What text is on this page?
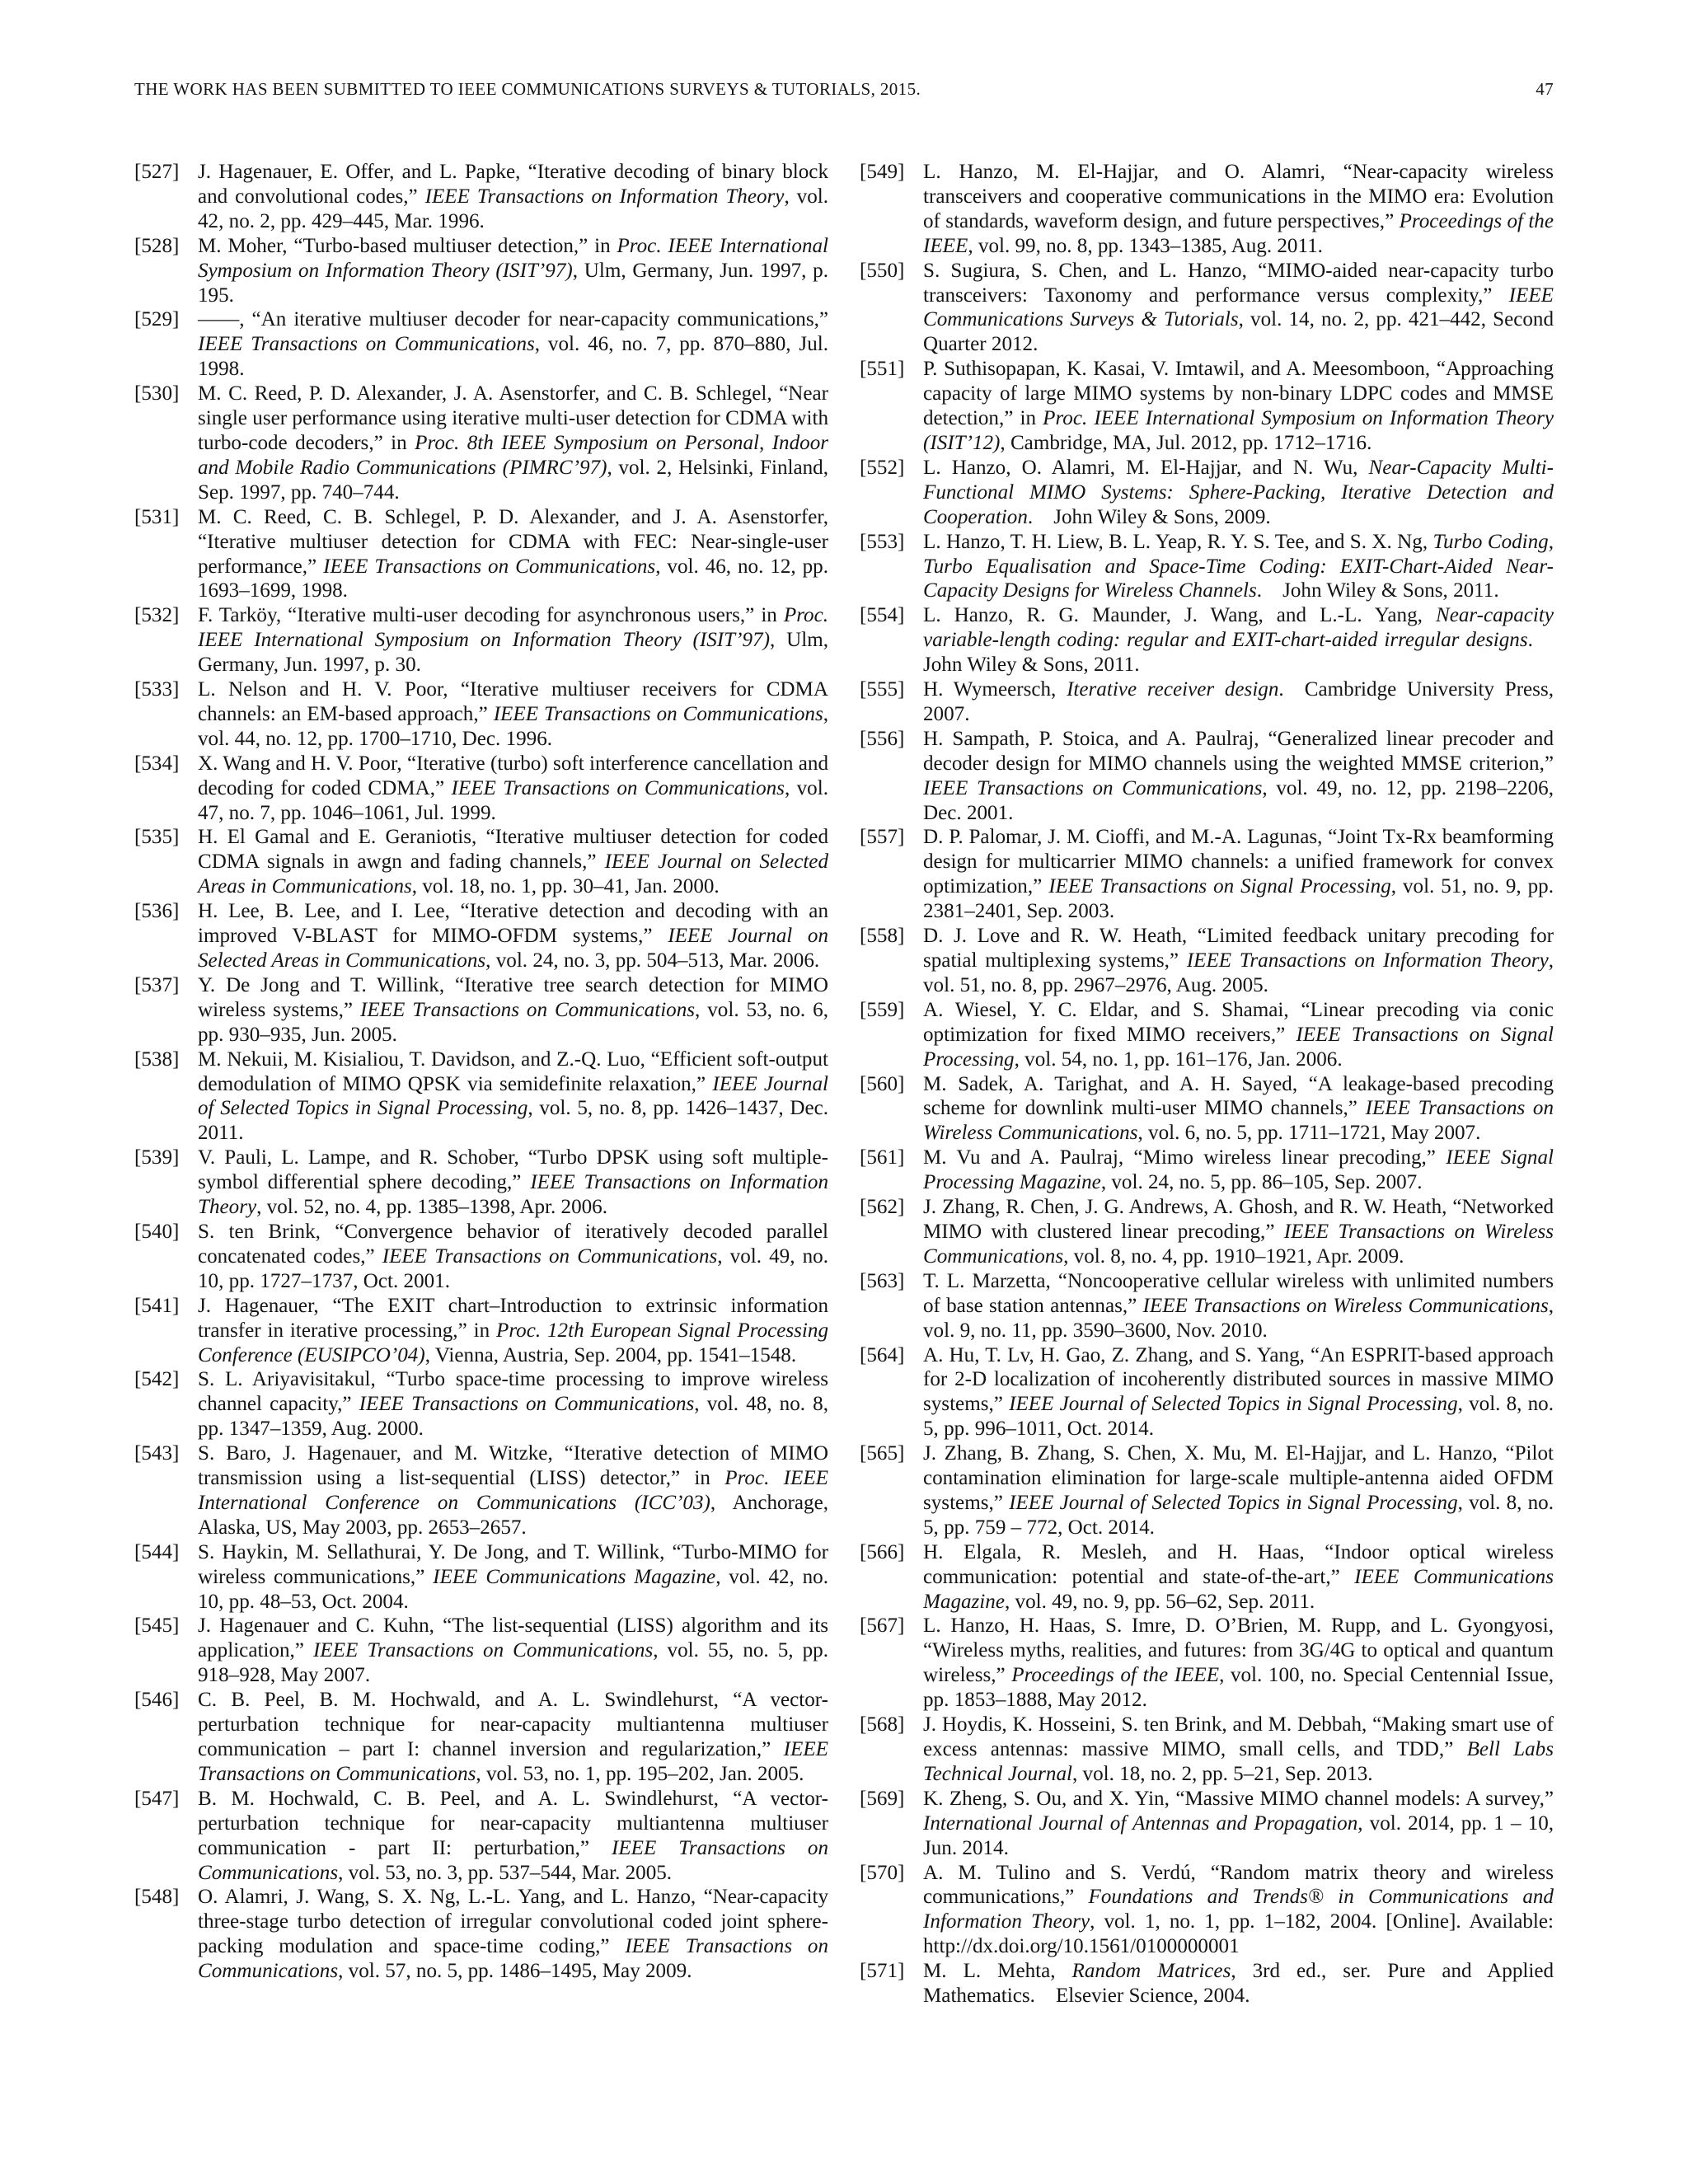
THE WORK HAS BEEN SUBMITTED TO IEEE COMMUNICATIONS SURVEYS & TUTORIALS, 2015.	47
[527] J. Hagenauer, E. Offer, and L. Papke, “Iterative decoding of binary block and convolutional codes,” IEEE Transactions on Information Theory, vol. 42, no. 2, pp. 429–445, Mar. 1996.
[528] M. Moher, “Turbo-based multiuser detection,” in Proc. IEEE International Symposium on Information Theory (ISIT’97), Ulm, Germany, Jun. 1997, p. 195.
[529] ——, “An iterative multiuser decoder for near-capacity communications,” IEEE Transactions on Communications, vol. 46, no. 7, pp. 870–880, Jul. 1998.
[530] M. C. Reed, P. D. Alexander, J. A. Asenstorfer, and C. B. Schlegel, “Near single user performance using iterative multi-user detection for CDMA with turbo-code decoders,” in Proc. 8th IEEE Symposium on Personal, Indoor and Mobile Radio Communications (PIMRC’97), vol. 2, Helsinki, Finland, Sep. 1997, pp. 740–744.
[531] M. C. Reed, C. B. Schlegel, P. D. Alexander, and J. A. Asenstorfer, “Iterative multiuser detection for CDMA with FEC: Near-single-user performance,” IEEE Transactions on Communications, vol. 46, no. 12, pp. 1693–1699, 1998.
[532] F. Tarköy, “Iterative multi-user decoding for asynchronous users,” in Proc. IEEE International Symposium on Information Theory (ISIT’97), Ulm, Germany, Jun. 1997, p. 30.
[533] L. Nelson and H. V. Poor, “Iterative multiuser receivers for CDMA channels: an EM-based approach,” IEEE Transactions on Communications, vol. 44, no. 12, pp. 1700–1710, Dec. 1996.
[534] X. Wang and H. V. Poor, “Iterative (turbo) soft interference cancellation and decoding for coded CDMA,” IEEE Transactions on Communications, vol. 47, no. 7, pp. 1046–1061, Jul. 1999.
[535] H. El Gamal and E. Geraniotis, “Iterative multiuser detection for coded CDMA signals in awgn and fading channels,” IEEE Journal on Selected Areas in Communications, vol. 18, no. 1, pp. 30–41, Jan. 2000.
[536] H. Lee, B. Lee, and I. Lee, “Iterative detection and decoding with an improved V-BLAST for MIMO-OFDM systems,” IEEE Journal on Selected Areas in Communications, vol. 24, no. 3, pp. 504–513, Mar. 2006.
[537] Y. De Jong and T. Willink, “Iterative tree search detection for MIMO wireless systems,” IEEE Transactions on Communications, vol. 53, no. 6, pp. 930–935, Jun. 2005.
[538] M. Nekuii, M. Kisialiou, T. Davidson, and Z.-Q. Luo, “Efficient soft-output demodulation of MIMO QPSK via semidefinite relaxation,” IEEE Journal of Selected Topics in Signal Processing, vol. 5, no. 8, pp. 1426–1437, Dec. 2011.
[539] V. Pauli, L. Lampe, and R. Schober, “Turbo DPSK using soft multiple-symbol differential sphere decoding,” IEEE Transactions on Information Theory, vol. 52, no. 4, pp. 1385–1398, Apr. 2006.
[540] S. ten Brink, “Convergence behavior of iteratively decoded parallel concatenated codes,” IEEE Transactions on Communications, vol. 49, no. 10, pp. 1727–1737, Oct. 2001.
[541] J. Hagenauer, “The EXIT chart–Introduction to extrinsic information transfer in iterative processing,” in Proc. 12th European Signal Processing Conference (EUSIPCO’04), Vienna, Austria, Sep. 2004, pp. 1541–1548.
[542] S. L. Ariyavisitakul, “Turbo space-time processing to improve wireless channel capacity,” IEEE Transactions on Communications, vol. 48, no. 8, pp. 1347–1359, Aug. 2000.
[543] S. Baro, J. Hagenauer, and M. Witzke, “Iterative detection of MIMO transmission using a list-sequential (LISS) detector,” in Proc. IEEE International Conference on Communications (ICC’03), Anchorage, Alaska, US, May 2003, pp. 2653–2657.
[544] S. Haykin, M. Sellathurai, Y. De Jong, and T. Willink, “Turbo-MIMO for wireless communications,” IEEE Communications Magazine, vol. 42, no. 10, pp. 48–53, Oct. 2004.
[545] J. Hagenauer and C. Kuhn, “The list-sequential (LISS) algorithm and its application,” IEEE Transactions on Communications, vol. 55, no. 5, pp. 918–928, May 2007.
[546] C. B. Peel, B. M. Hochwald, and A. L. Swindlehurst, “A vector-perturbation technique for near-capacity multiantenna multiuser communication – part I: channel inversion and regularization,” IEEE Transactions on Communications, vol. 53, no. 1, pp. 195–202, Jan. 2005.
[547] B. M. Hochwald, C. B. Peel, and A. L. Swindlehurst, “A vector-perturbation technique for near-capacity multiantenna multiuser communication - part II: perturbation,” IEEE Transactions on Communications, vol. 53, no. 3, pp. 537–544, Mar. 2005.
[548] O. Alamri, J. Wang, S. X. Ng, L.-L. Yang, and L. Hanzo, “Near-capacity three-stage turbo detection of irregular convolutional coded joint sphere-packing modulation and space-time coding,” IEEE Transactions on Communications, vol. 57, no. 5, pp. 1486–1495, May 2009.
[549] L. Hanzo, M. El-Hajjar, and O. Alamri, “Near-capacity wireless transceivers and cooperative communications in the MIMO era: Evolution of standards, waveform design, and future perspectives,” Proceedings of the IEEE, vol. 99, no. 8, pp. 1343–1385, Aug. 2011.
[550] S. Sugiura, S. Chen, and L. Hanzo, “MIMO-aided near-capacity turbo transceivers: Taxonomy and performance versus complexity,” IEEE Communications Surveys & Tutorials, vol. 14, no. 2, pp. 421–442, Second Quarter 2012.
[551] P. Suthisopapan, K. Kasai, V. Imtawil, and A. Meesomboon, “Approaching capacity of large MIMO systems by non-binary LDPC codes and MMSE detection,” in Proc. IEEE International Symposium on Information Theory (ISIT’12), Cambridge, MA, Jul. 2012, pp. 1712–1716.
[552] L. Hanzo, O. Alamri, M. El-Hajjar, and N. Wu, Near-Capacity Multi-Functional MIMO Systems: Sphere-Packing, Iterative Detection and Cooperation. John Wiley & Sons, 2009.
[553] L. Hanzo, T. H. Liew, B. L. Yeap, R. Y. S. Tee, and S. X. Ng, Turbo Coding, Turbo Equalisation and Space-Time Coding: EXIT-Chart-Aided Near-Capacity Designs for Wireless Channels. John Wiley & Sons, 2011.
[554] L. Hanzo, R. G. Maunder, J. Wang, and L.-L. Yang, Near-capacity variable-length coding: regular and EXIT-chart-aided irregular designs. John Wiley & Sons, 2011.
[555] H. Wymeersch, Iterative receiver design. Cambridge University Press, 2007.
[556] H. Sampath, P. Stoica, and A. Paulraj, “Generalized linear precoder and decoder design for MIMO channels using the weighted MMSE criterion,” IEEE Transactions on Communications, vol. 49, no. 12, pp. 2198–2206, Dec. 2001.
[557] D. P. Palomar, J. M. Cioffi, and M.-A. Lagunas, “Joint Tx-Rx beamforming design for multicarrier MIMO channels: a unified framework for convex optimization,” IEEE Transactions on Signal Processing, vol. 51, no. 9, pp. 2381–2401, Sep. 2003.
[558] D. J. Love and R. W. Heath, “Limited feedback unitary precoding for spatial multiplexing systems,” IEEE Transactions on Information Theory, vol. 51, no. 8, pp. 2967–2976, Aug. 2005.
[559] A. Wiesel, Y. C. Eldar, and S. Shamai, “Linear precoding via conic optimization for fixed MIMO receivers,” IEEE Transactions on Signal Processing, vol. 54, no. 1, pp. 161–176, Jan. 2006.
[560] M. Sadek, A. Tarighat, and A. H. Sayed, “A leakage-based precoding scheme for downlink multi-user MIMO channels,” IEEE Transactions on Wireless Communications, vol. 6, no. 5, pp. 1711–1721, May 2007.
[561] M. Vu and A. Paulraj, “Mimo wireless linear precoding,” IEEE Signal Processing Magazine, vol. 24, no. 5, pp. 86–105, Sep. 2007.
[562] J. Zhang, R. Chen, J. G. Andrews, A. Ghosh, and R. W. Heath, “Networked MIMO with clustered linear precoding,” IEEE Transactions on Wireless Communications, vol. 8, no. 4, pp. 1910–1921, Apr. 2009.
[563] T. L. Marzetta, “Noncooperative cellular wireless with unlimited numbers of base station antennas,” IEEE Transactions on Wireless Communications, vol. 9, no. 11, pp. 3590–3600, Nov. 2010.
[564] A. Hu, T. Lv, H. Gao, Z. Zhang, and S. Yang, “An ESPRIT-based approach for 2-D localization of incoherently distributed sources in massive MIMO systems,” IEEE Journal of Selected Topics in Signal Processing, vol. 8, no. 5, pp. 996–1011, Oct. 2014.
[565] J. Zhang, B. Zhang, S. Chen, X. Mu, M. El-Hajjar, and L. Hanzo, “Pilot contamination elimination for large-scale multiple-antenna aided OFDM systems,” IEEE Journal of Selected Topics in Signal Processing, vol. 8, no. 5, pp. 759 – 772, Oct. 2014.
[566] H. Elgala, R. Mesleh, and H. Haas, “Indoor optical wireless communication: potential and state-of-the-art,” IEEE Communications Magazine, vol. 49, no. 9, pp. 56–62, Sep. 2011.
[567] L. Hanzo, H. Haas, S. Imre, D. O’Brien, M. Rupp, and L. Gyongyosi, “Wireless myths, realities, and futures: from 3G/4G to optical and quantum wireless,” Proceedings of the IEEE, vol. 100, no. Special Centennial Issue, pp. 1853–1888, May 2012.
[568] J. Hoydis, K. Hosseini, S. ten Brink, and M. Debbah, “Making smart use of excess antennas: massive MIMO, small cells, and TDD,” Bell Labs Technical Journal, vol. 18, no. 2, pp. 5–21, Sep. 2013.
[569] K. Zheng, S. Ou, and X. Yin, “Massive MIMO channel models: A survey,” International Journal of Antennas and Propagation, vol. 2014, pp. 1 – 10, Jun. 2014.
[570] A. M. Tulino and S. Verdú, “Random matrix theory and wireless communications,” Foundations and Trends® in Communications and Information Theory, vol. 1, no. 1, pp. 1–182, 2004. [Online]. Available: http://dx.doi.org/10.1561/0100000001
[571] M. L. Mehta, Random Matrices, 3rd ed., ser. Pure and Applied Mathematics. Elsevier Science, 2004.
